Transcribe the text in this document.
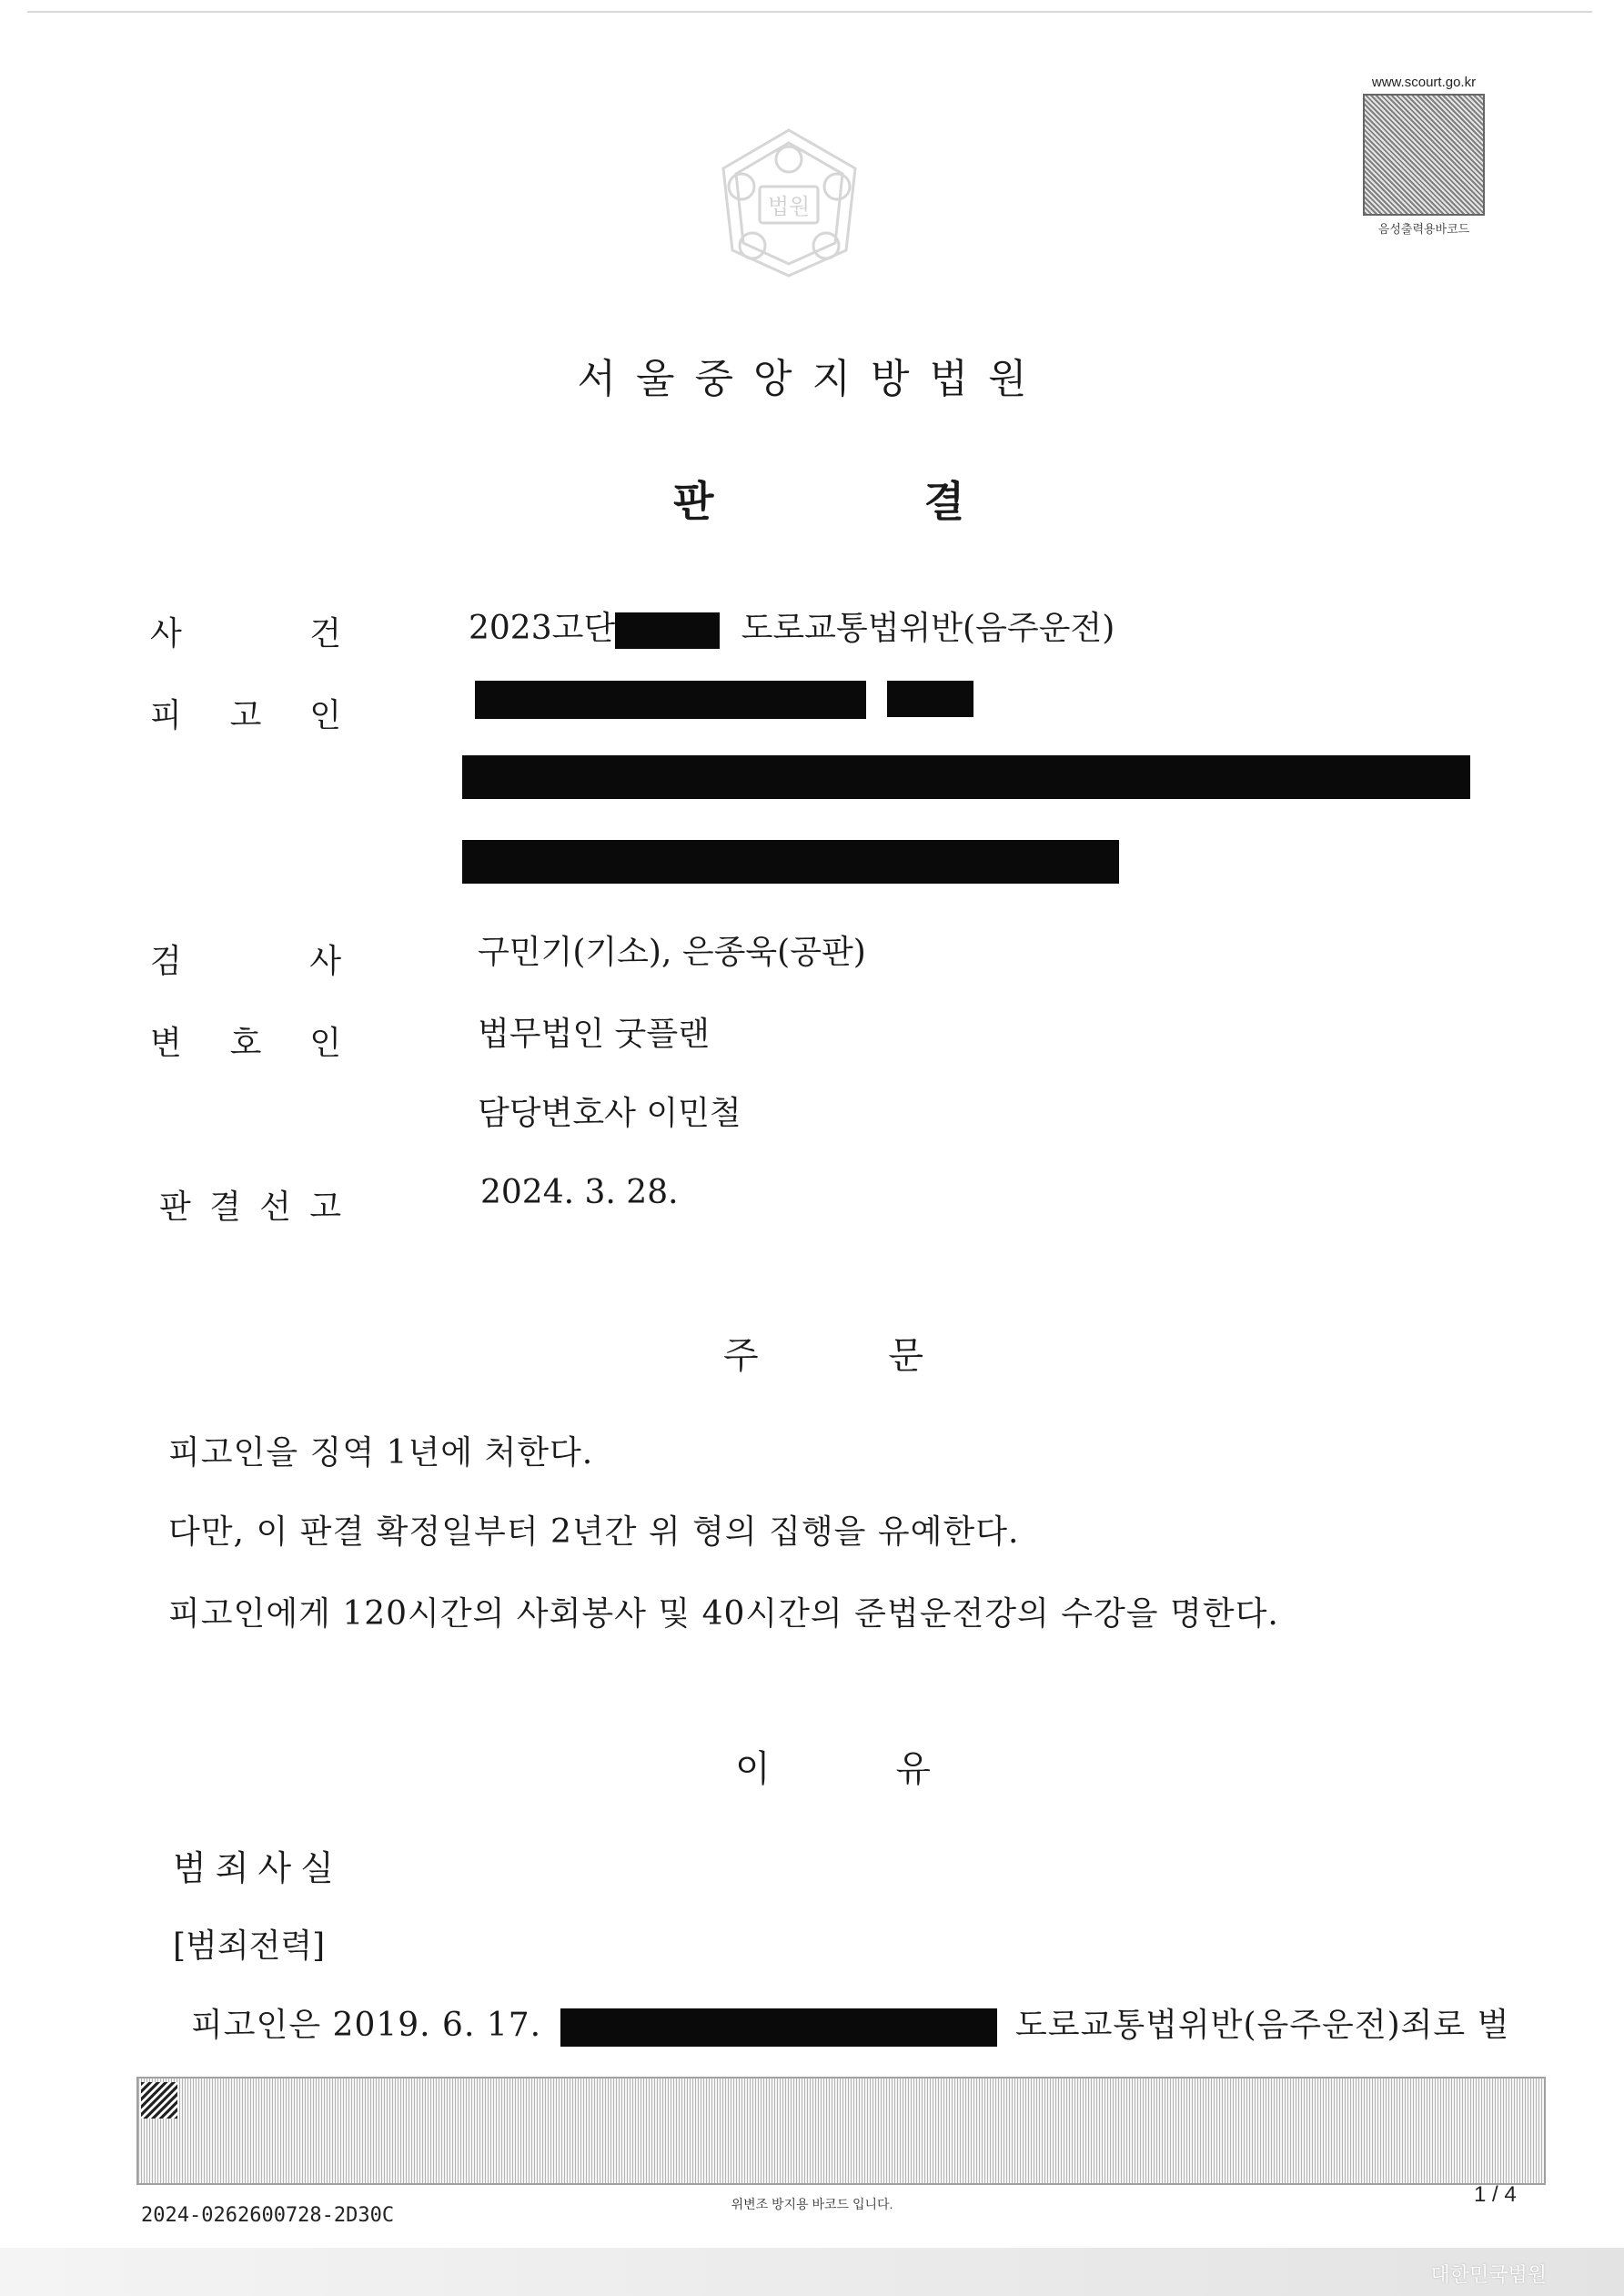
법원
www.scourt.go.kr
음성출력용바코드
서울중앙지방법원
판	결
사	건	2023고단	도로교통법위반(음주운전)
피 고 인
검	사	구민기(기소), 은종욱(공판)
변 호 인	법무법인 굿플랜
담당변호사 이민철
판 결 선 고	2024. 3. 28.
주	문
피고인을 징역 1년에 처한다.
다만, 이 판결 확정일부터 2년간 위 형의 집행을 유예한다.
피고인에게 120시간의 사회봉사 및 40시간의 준법운전강의 수강을 명한다.
이	유
범죄사실
[범죄전력]
피고인은 2019. 6. 17.	도로교통법위반(음주운전)죄로 벌
2024-0262600728-2D30C	위변조 방지용 바코드 입니다.	1 / 4
대한민국법원
